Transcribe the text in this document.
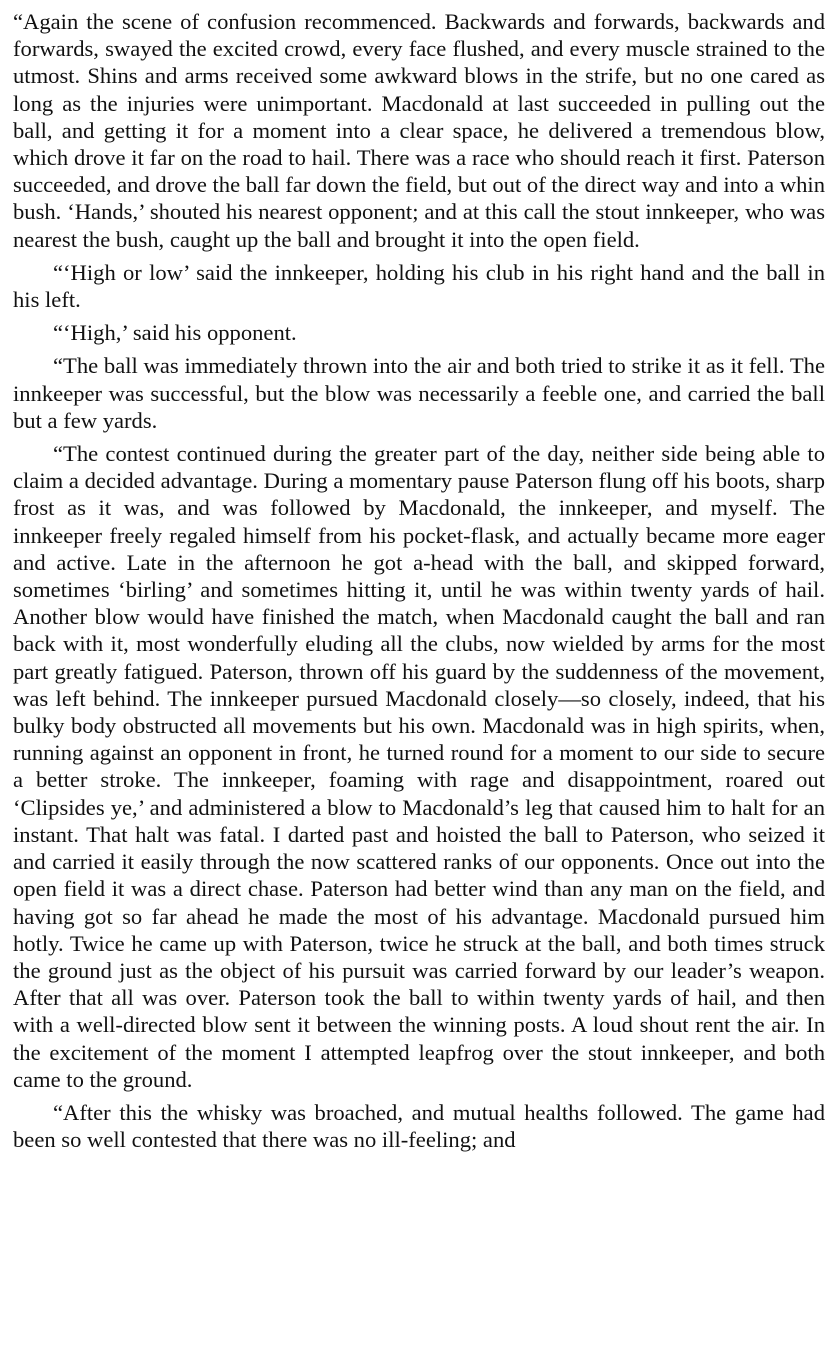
“Again the scene of confusion recommenced. Backwards and forwards, backwards and forwards, swayed the excited crowd, every face flushed, and every muscle strained to the utmost. Shins and arms received some awkward blows in the strife, but no one cared as long as the injuries were unimportant. Macdonald at last succeeded in pulling out the ball, and getting it for a moment into a clear space, he delivered a tremendous blow, which drove it far on the road to hail. There was a race who should reach it first. Paterson succeeded, and drove the ball far down the field, but out of the direct way and into a whin bush. ‘Hands,’ shouted his nearest opponent; and at this call the stout innkeeper, who was nearest the bush, caught up the ball and brought it into the open field.

“‘High or low’ said the innkeeper, holding his club in his right hand and the ball in his left.

“‘High,’ said his opponent.

“The ball was immediately thrown into the air and both tried to strike it as it fell. The innkeeper was successful, but the blow was necessarily a feeble one, and carried the ball but a few yards.

“The contest continued during the greater part of the day, neither side being able to claim a decided advantage. During a momentary pause Paterson flung off his boots, sharp frost as it was, and was followed by Macdonald, the innkeeper, and myself. The innkeeper freely regaled himself from his pocket-flask, and actually became more eager and active. Late in the afternoon he got a-head with the ball, and skipped forward, sometimes ‘birling’ and sometimes hitting it, until he was within twenty yards of hail. Another blow would have finished the match, when Macdonald caught the ball and ran back with it, most wonderfully eluding all the clubs, now wielded by arms for the most part greatly fatigued. Paterson, thrown off his guard by the suddenness of the movement, was left behind. The innkeeper pursued Macdonald closely—so closely, indeed, that his bulky body obstructed all movements but his own. Macdonald was in high spirits, when, running against an opponent in front, he turned round for a moment to our side to secure a better stroke. The innkeeper, foaming with rage and disappointment, roared out ‘Clipsides ye,’ and administered a blow to Macdonald’s leg that caused him to halt for an instant. That halt was fatal. I darted past and hoisted the ball to Paterson, who seized it and carried it easily through the now scattered ranks of our opponents. Once out into the open field it was a direct chase. Paterson had better wind than any man on the field, and having got so far ahead he made the most of his advantage. Macdonald pursued him hotly. Twice he came up with Paterson, twice he struck at the ball, and both times struck the ground just as the object of his pursuit was carried forward by our leader’s weapon. After that all was over. Paterson took the ball to within twenty yards of hail, and then with a well-directed blow sent it between the winning posts. A loud shout rent the air. In the excitement of the moment I attempted leapfrog over the stout innkeeper, and both came to the ground.

“After this the whisky was broached, and mutual healths followed. The game had been so well contested that there was no ill-feeling; and
